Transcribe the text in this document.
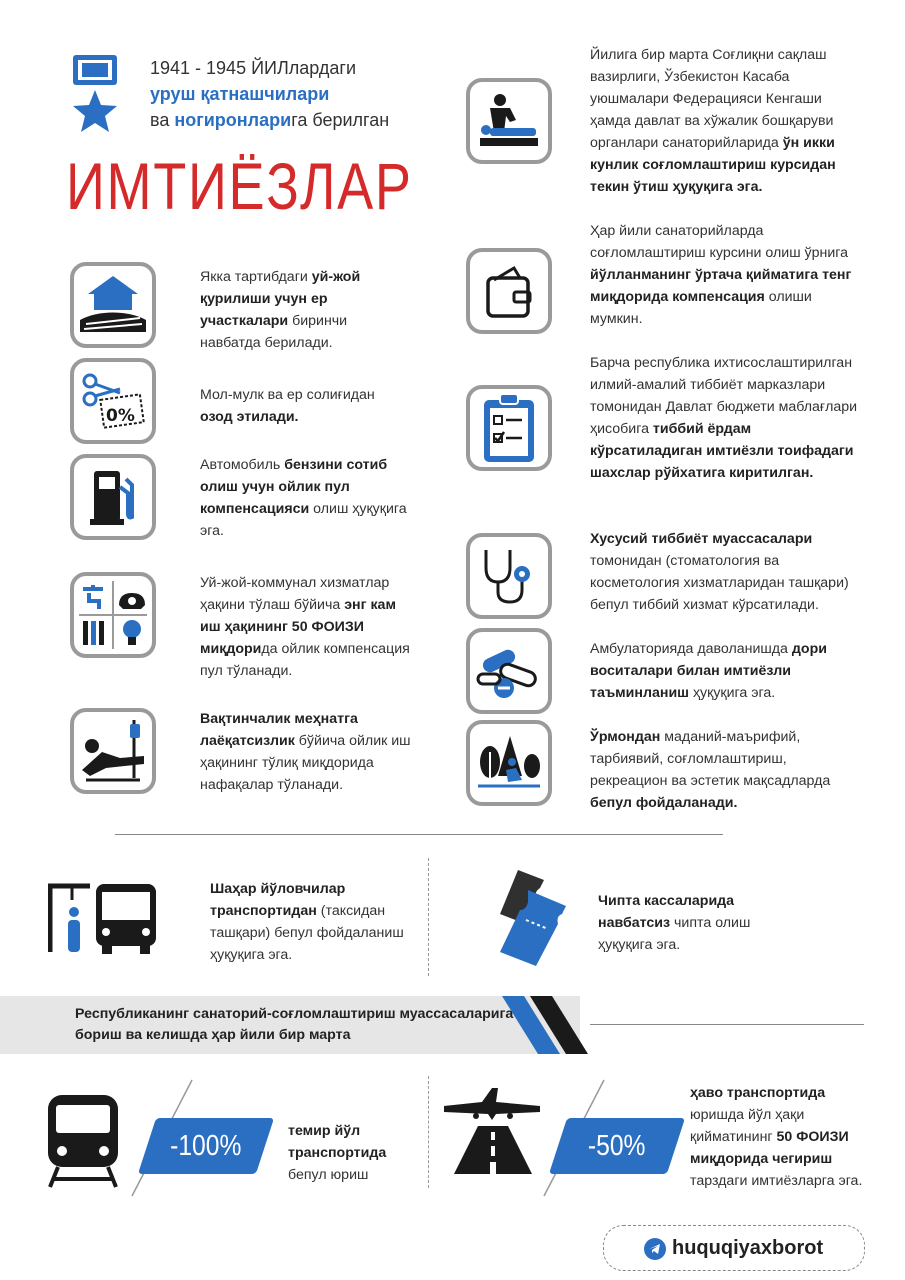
1941 - 1945 ЙИЛлардаги
уруш қатнашчилари
ва ногиронларига берилган
ИМТИЁЗЛАР
Якка тартибдаги уй-жой қурилиши учун ер участкалари биринчи навбатда берилади.
0%
Мол-мулк ва ер солиғидан озод этилади.
Автомобиль бензини сотиб олиш учун ойлик пул компенсацияси олиш ҳуқуқига эга.
Уй-жой-коммунал хизматлар ҳақини тўлаш бўйича энг кам иш ҳақининг 50 ФОИЗИ миқдорида ойлик компенсация пул тўланади.
Вақтинчалик меҳнатга лаёқатсизлик бўйича ойлик иш ҳақининг тўлиқ миқдорида нафақалар тўланади.
Йилига бир марта Соғлиқни сақлаш вазирлиги, Ўзбекистон Касаба уюшмалари Федерацияси Кенгаши ҳамда давлат ва хўжалик бошқаруви органлари санаторийларида ўн икки кунлик соғломлаштириш курсидан текин ўтиш ҳуқуқига эга.
Ҳар йили санаторийларда соғломлаштириш курсини олиш ўрнига йўлланманинг ўртача қийматига тенг миқдорида компенсация олиши мумкин.
Барча республика ихтисослаштирилган илмий-амалий тиббиёт марказлари томонидан Давлат бюджети маблағлари ҳисобига тиббий ёрдам кўрсатиладиган имтиёзли тоифадаги шахслар рўйхатига киритилган.
Хусусий тиббиёт муассасалари томонидан (стоматология ва косметология хизматларидан ташқари) бепул тиббий хизмат кўрсатилади.
Амбулаторияда даволанишда дори воситалари билан имтиёзли таъминланиш ҳуқуқига эга.
Ўрмондан маданий-маърифий, тарбиявий, соғломлаштириш, рекреацион ва эстетик мақсадларда бепул фойдаланади.
Шаҳар йўловчилар транспортидан (таксидан ташқари) бепул фойдаланиш ҳуқуқига эга.
Чипта кассаларида навбатсиз чипта олиш ҳуқуқига эга.
Республиканинг санаторий-соғломлаштириш муассасаларига бориш ва келишда ҳар йили бир марта
-100%	темир йўл транспортида бепул юриш
-50%
ҳаво транспортида юришда йўл ҳақи қийматининг 50 ФОИЗИ миқдорида чегириш тарздаги имтиёзларга эга.
huquqiyaxborot
